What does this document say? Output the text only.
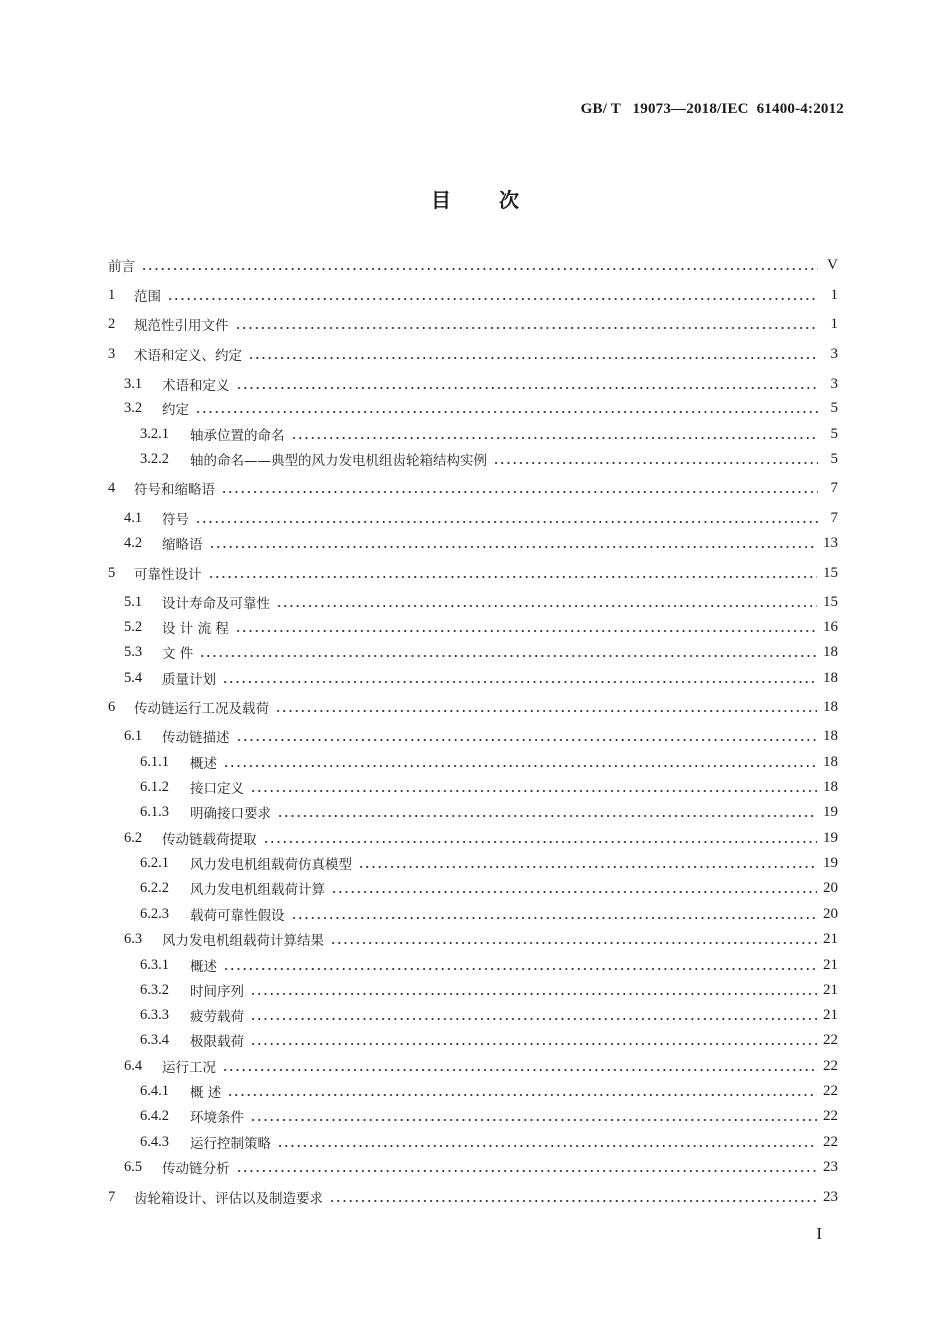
GB/ T   19073—2018/IEC  61400-4:2012
目 次
前言	V
1	范围	1
2	规范性引用文件	1
3	术语和定义、约定	3
3.1	术语和定义	3
3.2	约定	5
3.2.1	轴承位置的命名	5
3.2.2	轴的命名——典型的风力发电机组齿轮箱结构实例	5
4	符号和缩略语	7
4.1	符号	7
4.2	缩略语	13
5	可靠性设计	15
5.1	设计寿命及可靠性	15
5.2	设 计 流 程	16
5.3	文 件	18
5.4	质量计划	18
6	传动链运行工况及载荷	18
6.1	传动链描述	18
6.1.1	概述	18
6.1.2	接口定义	18
6.1.3	明确接口要求	19
6.2	传动链载荷提取	19
6.2.1	风力发电机组载荷仿真模型	19
6.2.2	风力发电机组载荷计算	20
6.2.3	载荷可靠性假设	20
6.3	风力发电机组载荷计算结果	21
6.3.1	概述	21
6.3.2	时间序列	21
6.3.3	疲劳载荷	21
6.3.4	极限载荷	22
6.4	运行工况	22
6.4.1	概 述	22
6.4.2	环境条件	22
6.4.3	运行控制策略	22
6.5	传动链分析	23
7	齿轮箱设计、评估以及制造要求	23
I
